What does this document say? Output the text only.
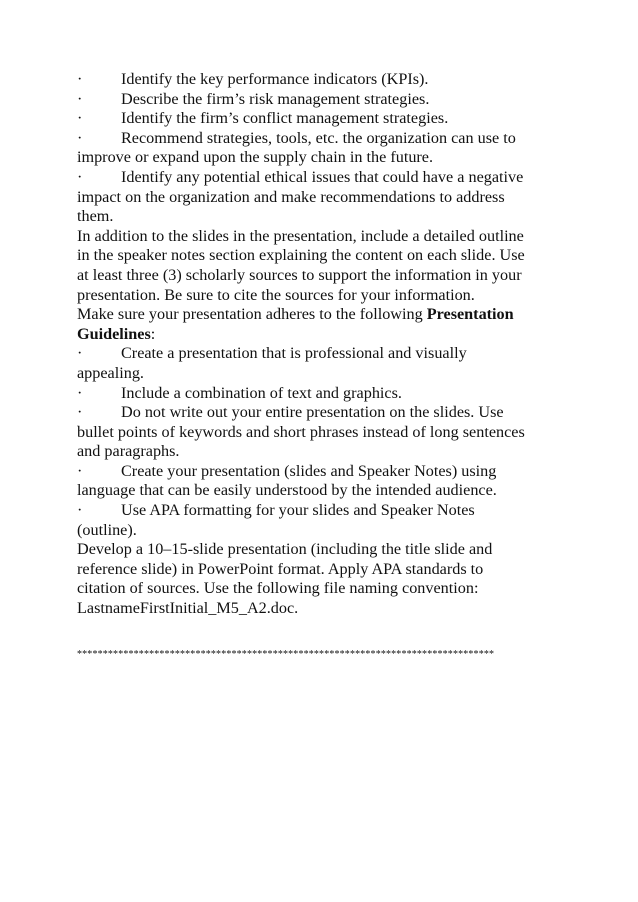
· Identify the key performance indicators (KPIs).
· Describe the firm’s risk management strategies.
· Identify the firm’s conflict management strategies.
· Recommend strategies, tools, etc. the organization can use to
improve or expand upon the supply chain in the future.
· Identify any potential ethical issues that could have a negative
impact on the organization and make recommendations to address
them.
In addition to the slides in the presentation, include a detailed outline
in the speaker notes section explaining the content on each slide. Use
at least three (3) scholarly sources to support the information in your
presentation. Be sure to cite the sources for your information.
Make sure your presentation adheres to the following Presentation
Guidelines:
· Create a presentation that is professional and visually
appealing.
· Include a combination of text and graphics.
· Do not write out your entire presentation on the slides. Use
bullet points of keywords and short phrases instead of long sentences
and paragraphs.
· Create your presentation (slides and Speaker Notes) using
language that can be easily understood by the intended audience.
· Use APA formatting for your slides and Speaker Notes
(outline).
Develop a 10–15-slide presentation (including the title slide and
reference slide) in PowerPoint format. Apply APA standards to
citation of sources. Use the following file naming convention:
LastnameFirstInitial_M5_A2.doc.
*********************************************************************************
